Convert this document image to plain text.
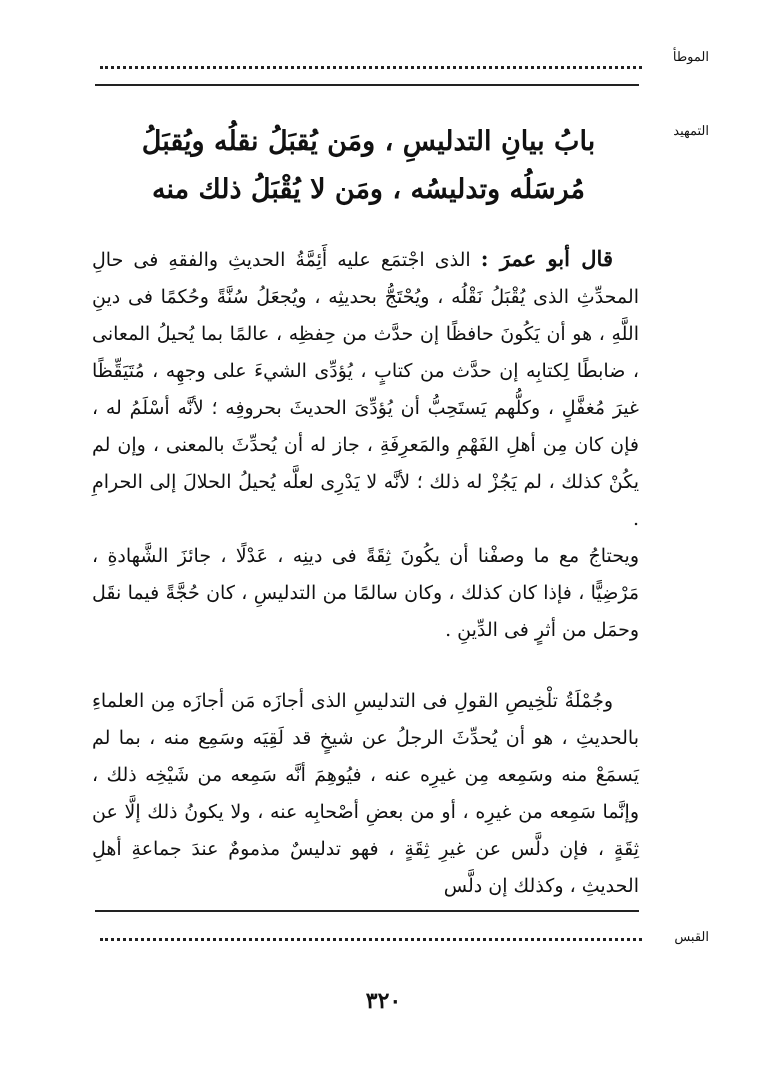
الموطأ
التمهيد
بابُ بيانِ التدليسِ ، ومَن يُقبَلُ نقلُه ويُقبَلُ
مُرسَلُه وتدليسُه ، ومَن لا يُقْبَلُ ذلك منه

قال أبو عمرَ : الذى اجْتمَع عليه أَئِمَّةُ الحديثِ والفقهِ فى حالِ المحدِّثِ الذى يُقْبَلُ نَقْلُه ، ويُحْتَجُّ بحديثِه ، ويُجعَلُ سُنَّةً وحُكمًا فى دينِ اللَّهِ ، هو أن يَكُونَ حافظًا إن حدَّث من حِفظِه ، عالمًا بما يُحيلُ المعانى ، ضابطًا لِكتابِه إن حدَّث من كتابٍ ، يُؤدِّى الشيءَ على وجهِه ، مُتَيَقِّظًا غيرَ مُغفَّلٍ ، وكلُّهم يَستَحِبُّ أن يُؤدِّىَ الحديثَ بحروفِه ؛ لأنَّه أسْلَمُ له ، فإن كان مِن أهلِ الفَهْمِ والمَعرِفَةِ ، جاز له أن يُحدِّثَ بالمعنى ، وإن لم يكُنْ كذلك ، لم يَجُزْ له ذلك ؛ لأنَّه لا يَدْرِى لعلَّه يُحيلُ الحلالَ إلى الحرامِ .

ويحتاجُ مع ما وصفْنا أن يكُونَ ثِقَةً فى دينِه ، عَدْلًا ، جائزَ الشَّهادةِ ، مَرْضِيًّا ، فإذا كان كذلك ، وكان سالمًا من التدليسِ ، كان حُجَّةً فيما نقَل وحمَل من أثرٍ فى الدِّينِ .

وجُمْلَةُ تلْخِيصِ القولِ فى التدليسِ الذى أجازَه مَن أجازَه مِن العلماءِ بالحديثِ ، هو أن يُحدِّثَ الرجلُ عن شيخٍ قد لَقِيَه وسَمِع منه ، بما لم يَسمَعْ منه وسَمِعه مِن غيرِه عنه ، فيُوهِمَ أنَّه سَمِعه من شَيْخِه ذلك ، وإنَّما سَمِعه من غيرِه ، أو من بعضِ أصْحابِه عنه ، ولا يكونُ ذلك إلَّا عن ثِقَةٍ ، فإن دلَّس عن غيرِ ثِقَةٍ ، فهو تدليسٌ مذمومٌ عندَ جماعةِ أهلِ الحديثِ ، وكذلك إن دلَّس

القبس
٣٢٠
